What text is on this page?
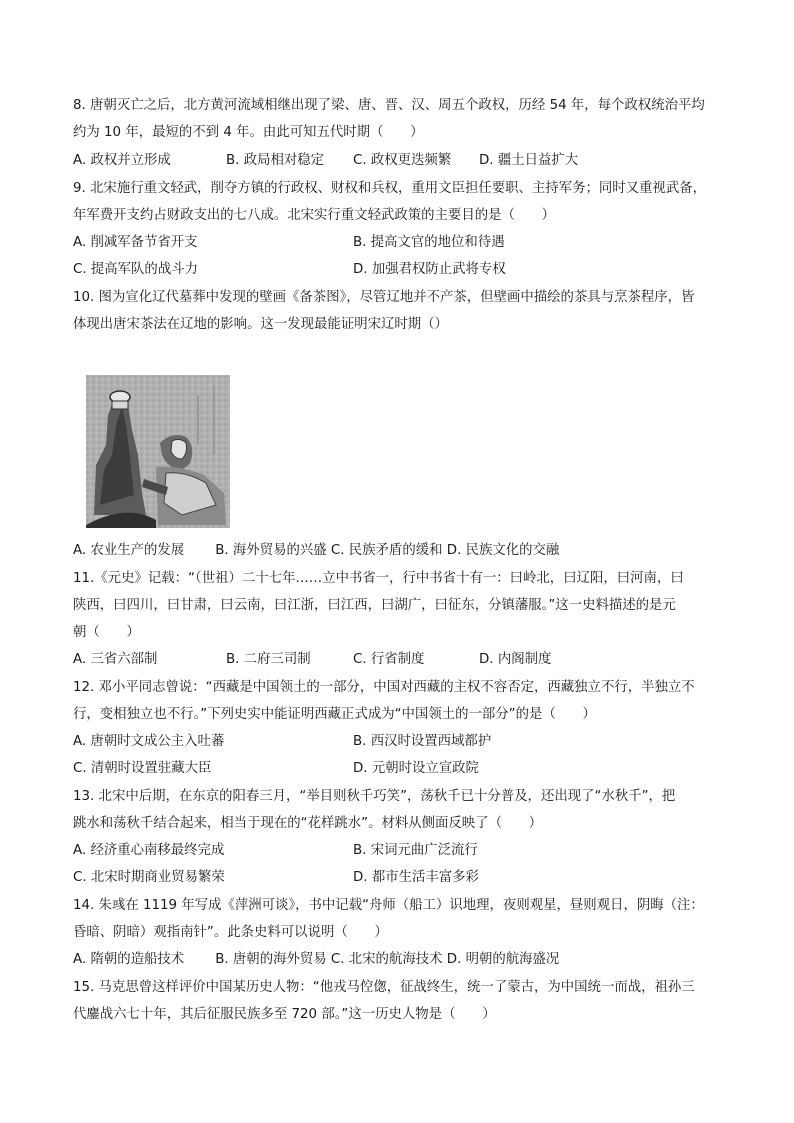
8. 唐朝灭亡之后，北方黄河流域相继出现了梁、唐、晋、汉、周五个政权，历经 54 年，每个政权统治平均
约为 10 年，最短的不到 4 年。由此可知五代时期（　　）
A. 政权并立形成	B. 政局相对稳定 C. 政权更迭频繁 D. 疆土日益扩大
9. 北宋施行重文轻武，削夺方镇的行政权、财权和兵权，重用文臣担任要职、主持军务；同时又重视武备，
年军费开支约占财政支出的七八成。北宋实行重文轻武政策的主要目的是（　　）
A. 削减军备节省开支	B. 提高文官的地位和待遇
C. 提高军队的战斗力	D. 加强君权防止武将专权
10. 图为宣化辽代墓葬中发现的壁画《备茶图》，尽管辽地并不产茶，但壁画中描绘的茶具与烹茶程序，皆
体现出唐宋茶法在辽地的影响。这一发现最能证明宋辽时期（）
A. 农业生产的发展　　 B. 海外贸易的兴盛 C. 民族矛盾的缓和 D. 民族文化的交融
11.《元史》记载：“（世祖）二十七年……立中书省一，行中书省十有一：曰岭北，曰辽阳，曰河南，曰
陕西，曰四川，曰甘肃，曰云南，曰江浙，曰江西，曰湖广，曰征东，分镇藩服。”这一史料描述的是元
朝（　　）
A. 三省六部制	B. 二府三司制	C. 行省制度	D. 内阁制度
12. 邓小平同志曾说：“西藏是中国领土的一部分，中国对西藏的主权不容否定，西藏独立不行，半独立不
行，变相独立也不行。”下列史实中能证明西藏正式成为“中国领土的一部分”的是（　　）
A. 唐朝时文成公主入吐蕃	B. 西汉时设置西域都护
C. 清朝时设置驻藏大臣	D. 元朝时设立宣政院
13. 北宋中后期，在东京的阳春三月，“举目则秋千巧笑”，荡秋千已十分普及，还出现了“水秋千”，把
跳水和荡秋千结合起来，相当于现在的“花样跳水”。材料从侧面反映了（　　）
A. 经济重心南移最终完成	B. 宋词元曲广泛流行
C. 北宋时期商业贸易繁荣	D. 都市生活丰富多彩
14. 朱彧在 1119 年写成《萍洲可谈》，书中记载“舟师（船工）识地理，夜则观星，昼则观日，阴晦（注：
昏暗、阴暗）观指南针”。此条史料可以说明（　　）
A. 隋朝的造船技术　　 B. 唐朝的海外贸易 C. 北宋的航海技术 D. 明朝的航海盛况
15. 马克思曾这样评价中国某历史人物：“他戎马倥偬，征战终生，统一了蒙古，为中国统一而战，祖孙三
代鏖战六七十年，其后征服民族多至 720 部。”这一历史人物是（　　）
